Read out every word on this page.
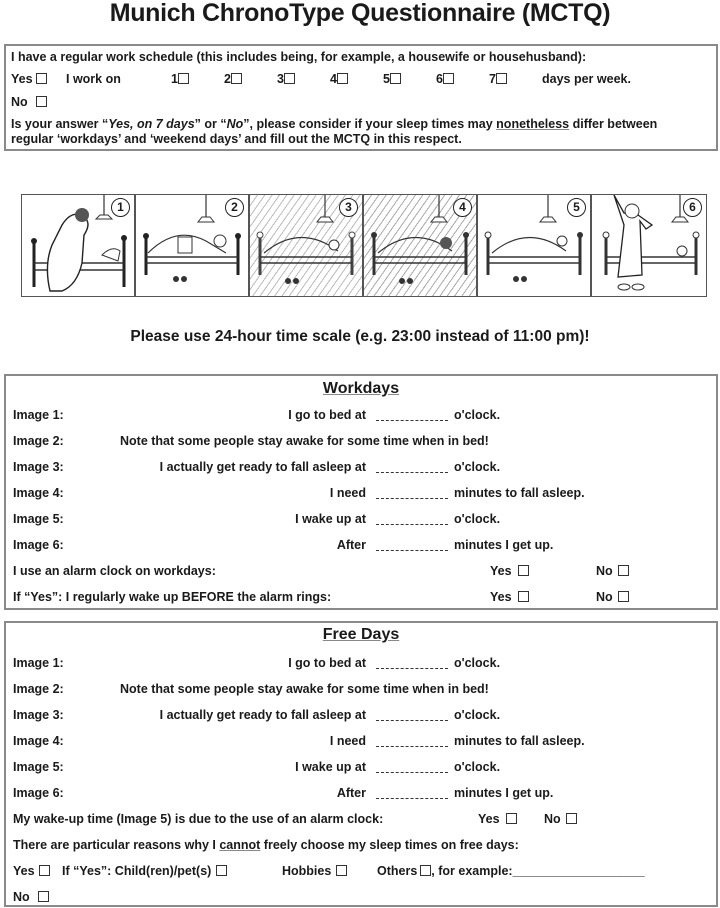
Munich ChronoType Questionnaire (MCTQ)
I have a regular work schedule (this includes being, for example, a housewife or househusband):
Yes	I work on	1	2	3	4	5	6	7	days per week.
No
Is your answer “Yes, on 7 days” or “No”, please consider if your sleep times may nonetheless differ between
regular ‘workdays’ and ‘weekend days’ and fill out the MCTQ in this respect.
1	2	3	4	5	6
Please use 24-hour time scale (e.g. 23:00 instead of 11:00 pm)!
Workdays
Image 1:	I go to bed at	o'clock.
Image 2:	Note that some people stay awake for some time when in bed!
Image 3:	I actually get ready to fall asleep at	o'clock.
Image 4:	I need	minutes to fall asleep.
Image 5:	I wake up at	o'clock.
Image 6:	After	minutes I get up.
I use an alarm clock on workdays:	Yes	No
If “Yes”: I regularly wake up BEFORE the alarm rings:	Yes	No
Free Days
Image 1:	I go to bed at	o'clock.
Image 2:	Note that some people stay awake for some time when in bed!
Image 3:	I actually get ready to fall asleep at	o'clock.
Image 4:	I need	minutes to fall asleep.
Image 5:	I wake up at	o'clock.
Image 6:	After	minutes I get up.
My wake-up time (Image 5) is due to the use of an alarm clock:	Yes	No
There are particular reasons why I cannot freely choose my sleep times on free days:
Yes	If “Yes”: Child(ren)/pet(s)	Hobbies	Others , for example:___________________
No
